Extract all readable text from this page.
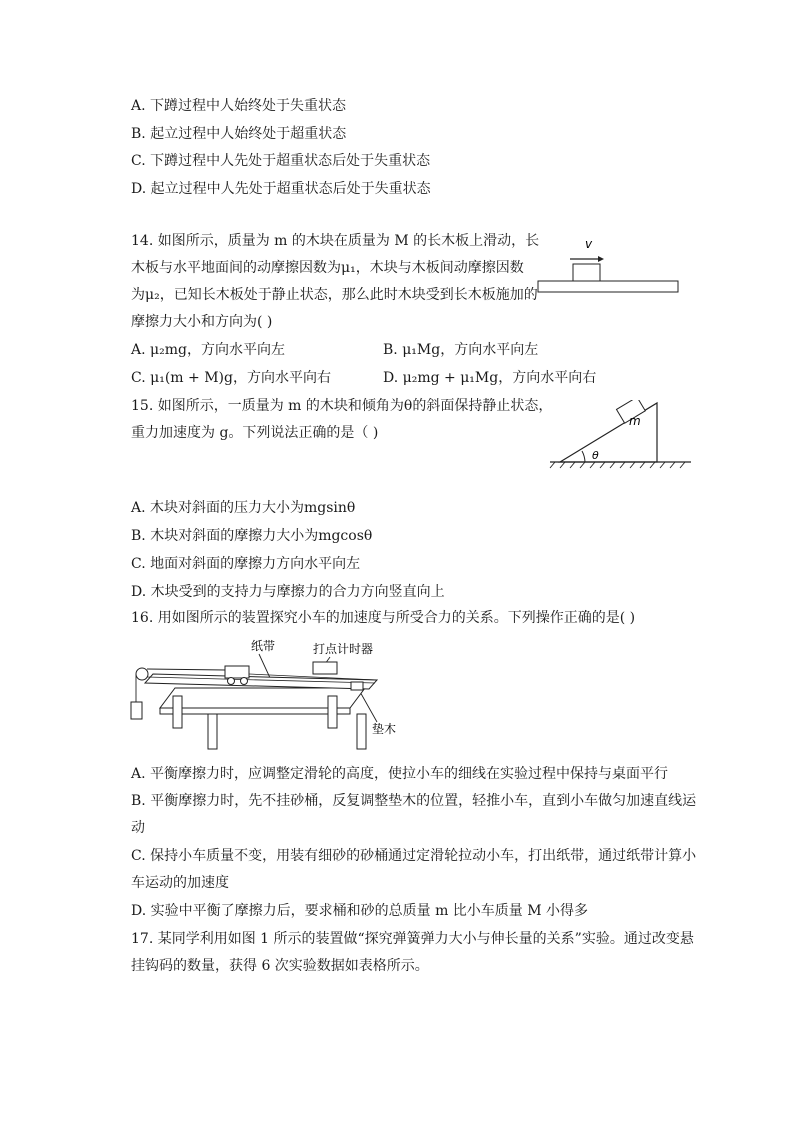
A. 下蹲过程中人始终处于失重状态
B. 起立过程中人始终处于超重状态
C. 下蹲过程中人先处于超重状态后处于失重状态
D. 起立过程中人先处于超重状态后处于失重状态
14. 如图所示，质量为 m 的木块在质量为 M 的长木板上滑动，长
木板与水平地面间的动摩擦因数为μ₁，木块与木板间动摩擦因数
为μ₂，已知长木板处于静止状态，那么此时木块受到长木板施加的
摩擦力大小和方向为( )
A. μ₂mg，方向水平向左	B. μ₁Mg，方向水平向左
C. μ₁(m + M)g，方向水平向右	D. μ₂mg + μ₁Mg，方向水平向右
v
15. 如图所示，一质量为 m 的木块和倾角为θ的斜面保持静止状态，
重力加速度为 g。下列说法正确的是（ )
m
θ
A. 木块对斜面的压力大小为mgsinθ
B. 木块对斜面的摩擦力大小为mgcosθ
C. 地面对斜面的摩擦力方向水平向左
D. 木块受到的支持力与摩擦力的合力方向竖直向上
16. 用如图所示的装置探究小车的加速度与所受合力的关系。下列操作正确的是( )
纸带	打点计时器
垫木
A. 平衡摩擦力时，应调整定滑轮的高度，使拉小车的细线在实验过程中保持与桌面平行
B. 平衡摩擦力时，先不挂砂桶，反复调整垫木的位置，轻推小车，直到小车做匀加速直线运
动
C. 保持小车质量不变，用装有细砂的砂桶通过定滑轮拉动小车，打出纸带，通过纸带计算小
车运动的加速度
D. 实验中平衡了摩擦力后，要求桶和砂的总质量 m 比小车质量 M 小得多
17. 某同学利用如图 1 所示的装置做“探究弹簧弹力大小与伸长量的关系”实验。通过改变悬
挂钩码的数量，获得 6 次实验数据如表格所示。
